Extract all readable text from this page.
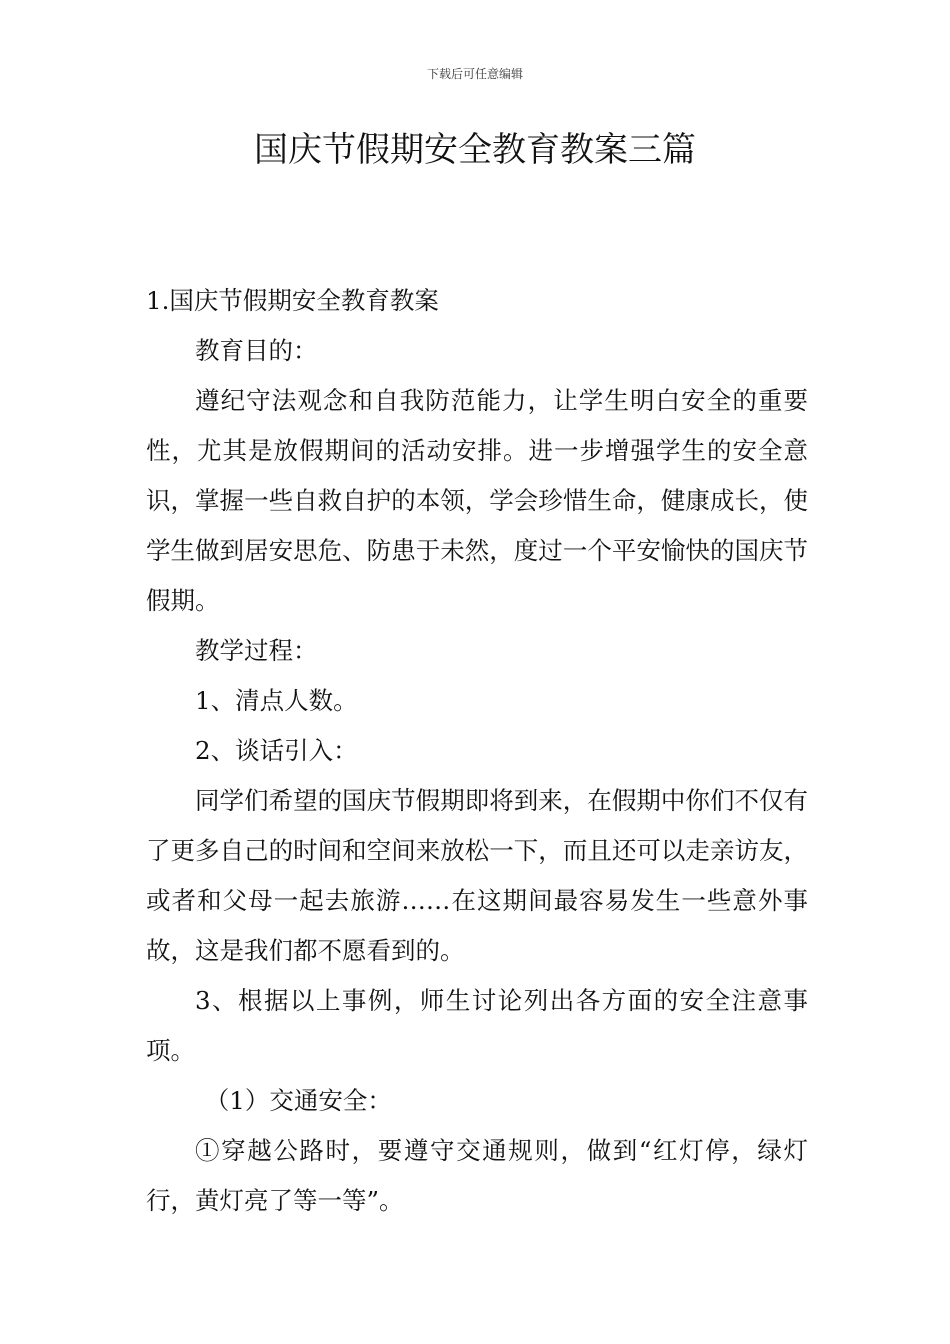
下载后可任意编辑
国庆节假期安全教育教案三篇

1.国庆节假期安全教育教案

教育目的：

遵纪守法观念和自我防范能力，让学生明白安全的重要性，尤其是放假期间的活动安排。进一步增强学生的安全意识，掌握一些自救自护的本领，学会珍惜生命，健康成长，使学生做到居安思危、防患于未然，度过一个平安愉快的国庆节假期。

教学过程：

1、清点人数。

2、谈话引入：

同学们希望的国庆节假期即将到来，在假期中你们不仅有了更多自己的时间和空间来放松一下，而且还可以走亲访友，或者和父母一起去旅游……在这期间最容易发生一些意外事故，这是我们都不愿看到的。

3、根据以上事例，师生讨论列出各方面的安全注意事项。

（1）交通安全：

①穿越公路时，要遵守交通规则，做到“红灯停，绿灯行，黄灯亮了等一等”。
